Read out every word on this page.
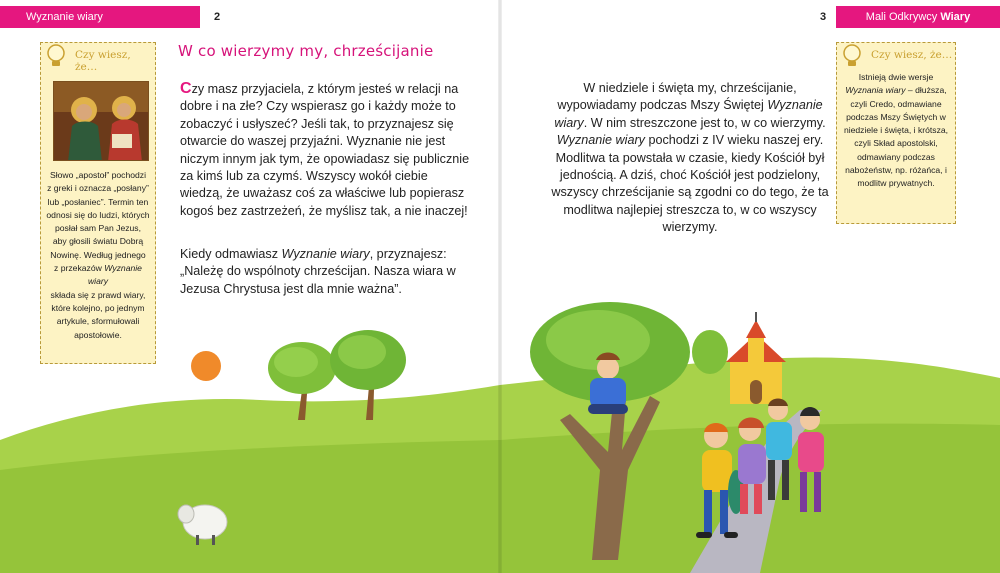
Wyznanie wiary	2
Czy wiesz, że…
Słowo „apostoł” pochodzi
z greki i oznacza „posłany”
lub „posłaniec”. Termin ten
odnosi się do ludzi, których
posłał sam Pan Jezus,
aby głosili światu Dobrą
Nowinę. Według jednego
z przekazów Wyznanie wiary
składa się z prawd wiary,
które kolejno, po jednym
artykule, sformułowali
apostołowie.
W co wierzymy my, chrześcijanie

Czy masz przyjaciela, z którym jesteś w relacji na dobre i na złe? Czy wspierasz go i każdy może to zobaczyć i usłyszeć? Jeśli tak, to przyznajesz się otwarcie do waszej przyjaźni. Wyznanie nie jest niczym innym jak tym, że opowiadasz się publicznie za kimś lub za czymś. Wszyscy wokół ciebie wiedzą, że uważasz coś za właściwe lub popierasz kogoś bez zastrzeżeń, że myślisz tak, a nie inaczej!

Kiedy odmawiasz Wyznanie wiary, przyznajesz: „Należę do wspólnoty chrześcijan. Nasza wiara w Jezusa Chrystusa jest dla mnie ważna”.

Mali Odkrywcy Wiary
3

W niedziele i święta my, chrześcijanie, wypowiadamy podczas Mszy Świętej Wyznanie wiary. W nim streszczone jest to, w co wierzymy. Wyznanie wiary pochodzi z IV wieku naszej ery. Modlitwa ta powstała w czasie, kiedy Kościół był jednością. A dziś, choć Kościół jest podzielony, wszyscy chrześcijanie są zgodni co do tego, że ta modlitwa najlepiej streszcza to, w co wszyscy wierzymy.

Czy wiesz, że…
Istnieją dwie wersje Wyznania wiary – dłuższa, czyli Credo, odmawiane podczas Mszy Świętych w niedziele i święta, i krótsza, czyli Skład apostolski, odmawiany podczas nabożeństw, np. różańca, i modlitw prywatnych.
